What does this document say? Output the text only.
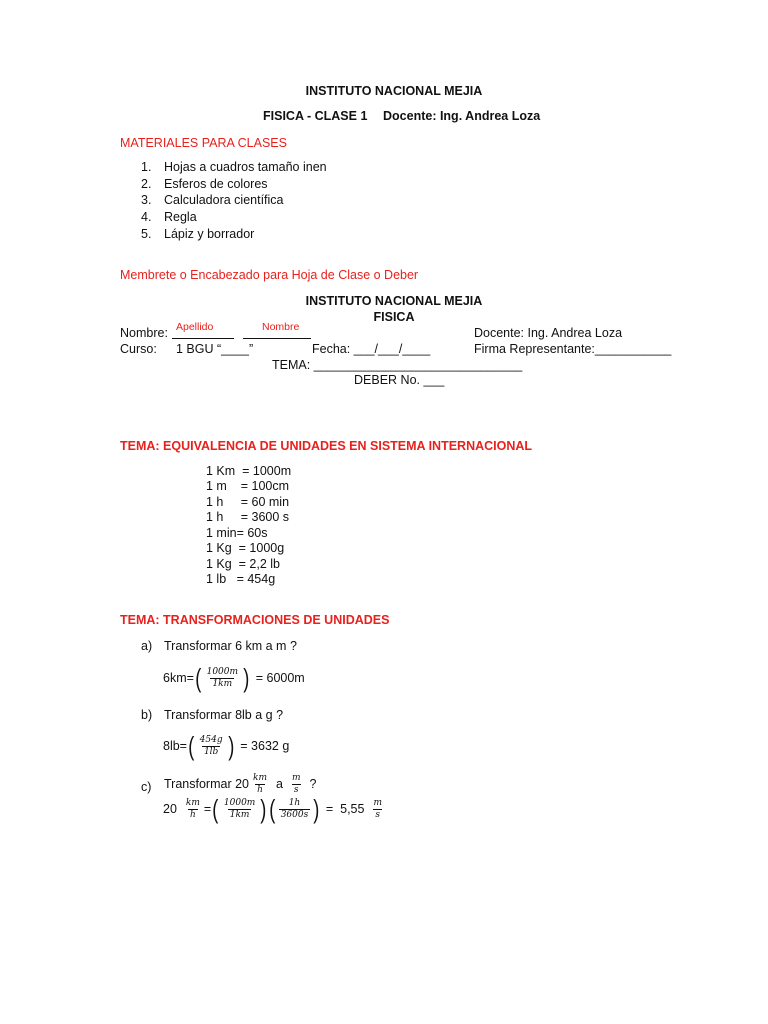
INSTITUTO NACIONAL MEJIA
FISICA - CLASE 1 Docente: Ing. Andrea Loza
MATERIALES PARA CLASES
1. Hojas a cuadros tamaño inen
2. Esferos de colores
3. Calculadora científica
4. Regla
5. Lápiz y borrador
Membrete o Encabezado para Hoja de Clase o Deber
INSTITUTO NACIONAL MEJIA
FISICA
Nombre: Apellido	Nombre	Docente: Ing. Andrea Loza
Curso: 1 BGU “____”	Fecha: ___/___/____	Firma Representante:___________
TEMA: ______________________________
DEBER No. ___
TEMA: EQUIVALENCIA DE UNIDADES EN SISTEMA INTERNACIONAL
1 Km  = 1000m
1 m    = 100cm
1 h     = 60 min
1 h     = 3600 s
1 min= 60s
1 Kg  = 1000g
1 Kg  = 2,2 lb
1 lb   = 454g
TEMA: TRANSFORMACIONES DE UNIDADES
a) Transformar 6 km a m ?
6km= ( $\frac{1000m}{1km}$ ) = 6000m
b) Transformar 8lb a g ?
8lb= ( $\frac{454g}{1lb}$ ) = 3632 g
c) Transformar $20 \frac{km}{h}$ a $\frac{m}{s}$ ?
$20 \frac{km}{h}$ = ( $\frac{1000m}{1km}$ ) ( $\frac{1h}{3600s}$ ) =  $5,55 \frac{m}{s}$
